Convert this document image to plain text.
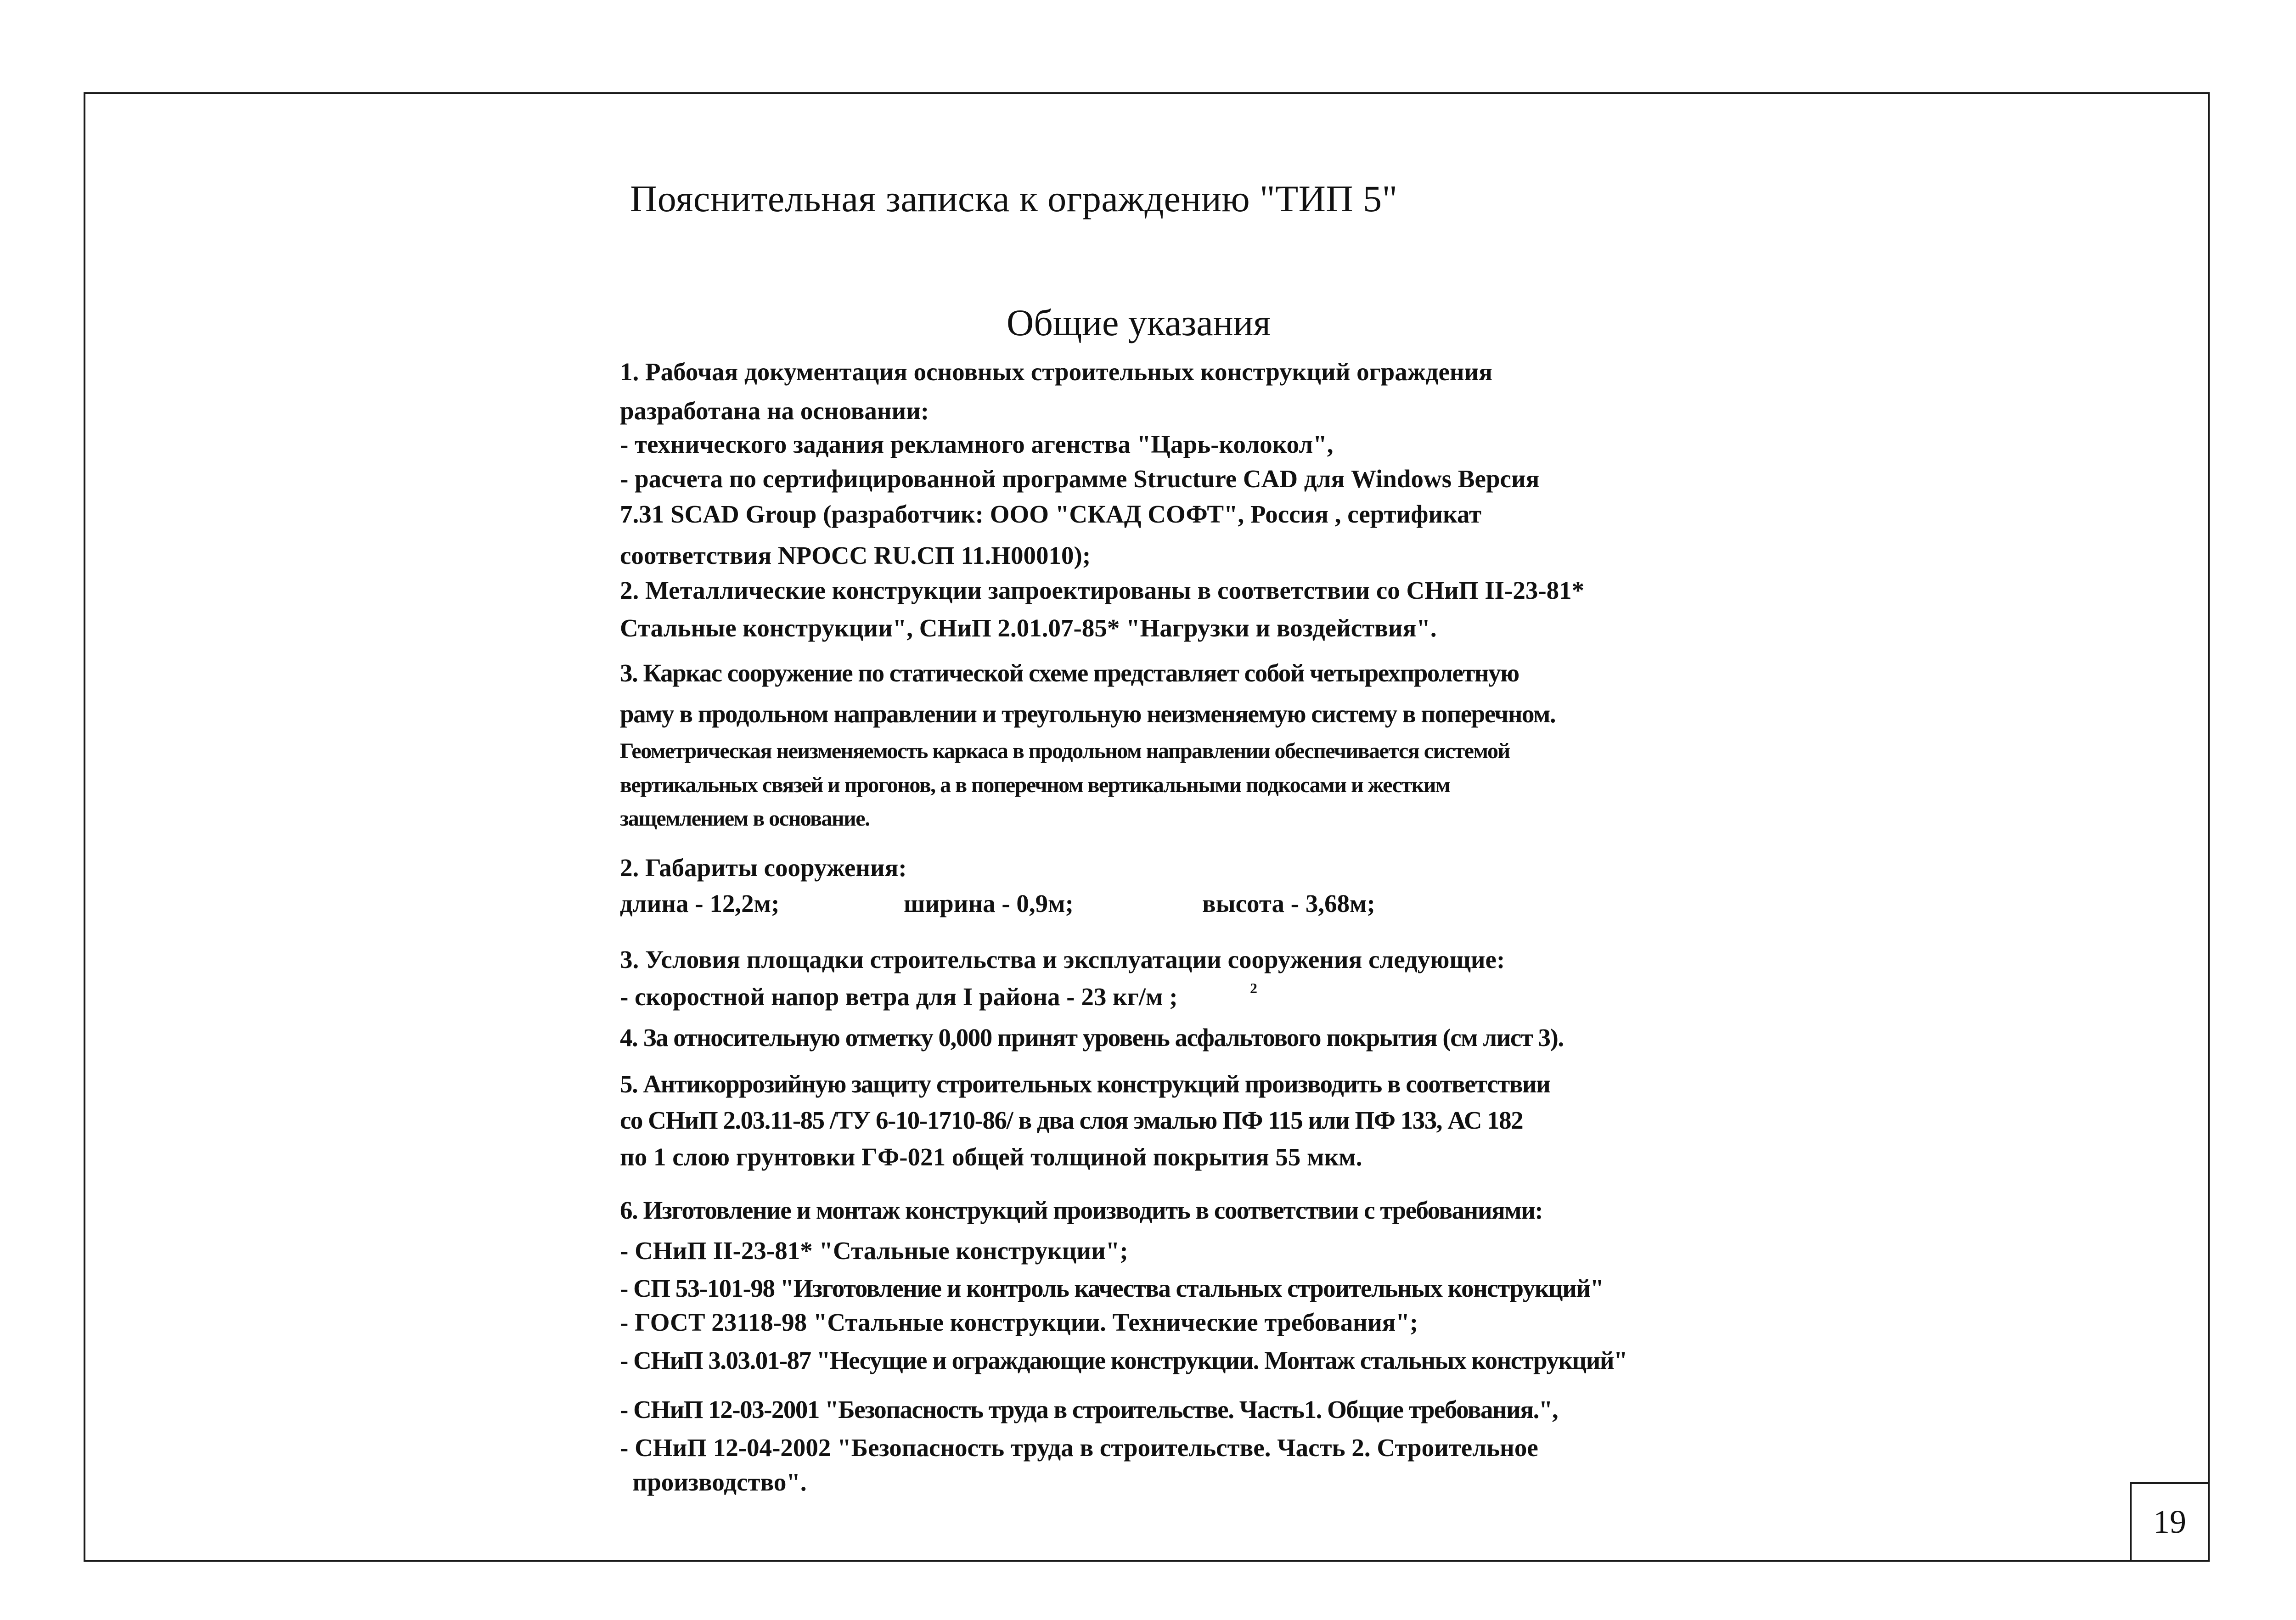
Пояснительная записка к ограждению "ТИП 5"
Общие указания
1. Рабочая документация основных строительных конструкций ограждения
разработана на основании:
- технического задания рекламного агенства "Царь-колокол",
- расчета по сертифицированной программе Structure CAD для Windows Версия
7.31 SCAD Group (разработчик: ООО "СКАД СОФТ", Россия , сертификат
соответствия NPOCC RU.СП 11.H00010);
2. Металлические конструкции запроектированы в соответствии со СНиП II-23-81*
Стальные конструкции", СНиП 2.01.07-85* "Нагрузки и воздействия".
3. Каркас сооружение по статической схеме представляет собой четырехпролетную
раму в продольном направлении и треугольную неизменяемую систему в поперечном.
Геометрическая неизменяемость каркаса в продольном направлении обеспечивается системой
вертикальных связей и прогонов, а в поперечном вертикальными подкосами и жестким
защемлением в основание.
2. Габариты сооружения:
длина - 12,2м;	ширина - 0,9м;	высота - 3,68м;
3. Условия площадки строительства и эксплуатации сооружения следующие:
- скоростной напор ветра для I района - 23 кг/м ;	2
4. За относительную отметку 0,000 принят уровень асфальтового покрытия (см лист 3).
5. Антикоррозийную защиту строительных конструкций производить в соответствии
со СНиП 2.03.11-85 /ТУ 6-10-1710-86/ в два слоя эмалью ПФ 115 или ПФ 133, АС 182
по 1 слою грунтовки ГФ-021 общей толщиной покрытия 55 мкм.
6. Изготовление и монтаж конструкций производить в соответствии с требованиями:
- СНиП II-23-81* "Стальные конструкции";
- СП 53-101-98 "Изготовление и контроль качества стальных строительных конструкций"
- ГОСТ 23118-98 "Стальные конструкции. Технические требования";
- СНиП 3.03.01-87 "Несущие и ограждающие конструкции. Монтаж стальных конструкций"
- СНиП 12-03-2001 "Безопасность труда в строительстве. Часть1. Общие требования.",
- СНиП 12-04-2002 "Безопасность труда в строительстве. Часть 2. Строительное
производство".
19
